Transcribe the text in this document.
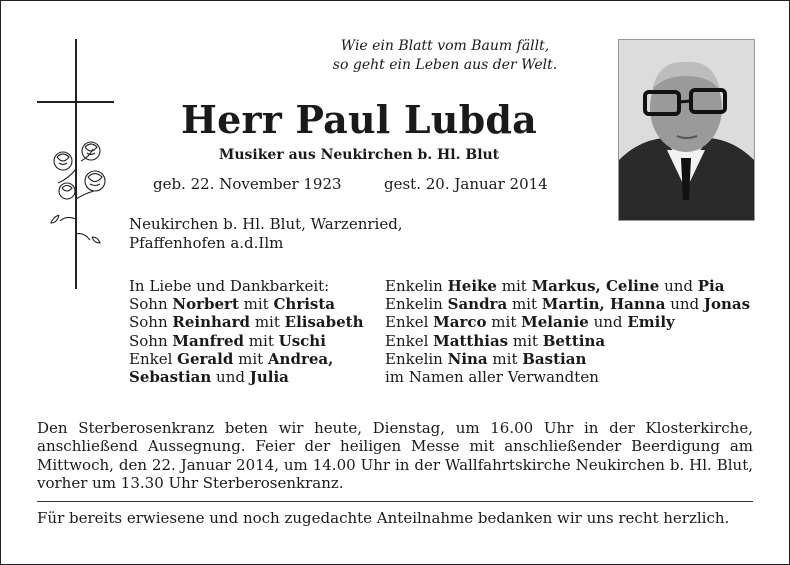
Wie ein Blatt vom Baum fällt,
so geht ein Leben aus der Welt.
Herr Paul Lubda
Musiker aus Neukirchen b. Hl. Blut
geb. 22. November 1923	gest. 20. Januar 2014
Neukirchen b. Hl. Blut, Warzenried,
Pfaffenhofen a.d.Ilm
In Liebe und Dankbarkeit:
Sohn Norbert mit Christa
Sohn Reinhard mit Elisabeth
Sohn Manfred mit Uschi
Enkel Gerald mit Andrea,
Sebastian und Julia
Enkelin Heike mit Markus, Celine und Pia
Enkelin Sandra mit Martin, Hanna und Jonas
Enkel Marco mit Melanie und Emily
Enkel Matthias mit Bettina
Enkelin Nina mit Bastian
im Namen aller Verwandten
Den Sterberosenkranz beten wir heute, Dienstag, um 16.00 Uhr in der Klosterkirche, anschließend Aussegnung. Feier der heiligen Messe mit anschließender Beerdigung am Mittwoch, den 22. Januar 2014, um 14.00 Uhr in der Wallfahrtskirche Neukirchen b. Hl. Blut, vorher um 13.30 Uhr Sterberosenkranz.
Für bereits erwiesene und noch zugedachte Anteilnahme bedanken wir uns recht herzlich.
